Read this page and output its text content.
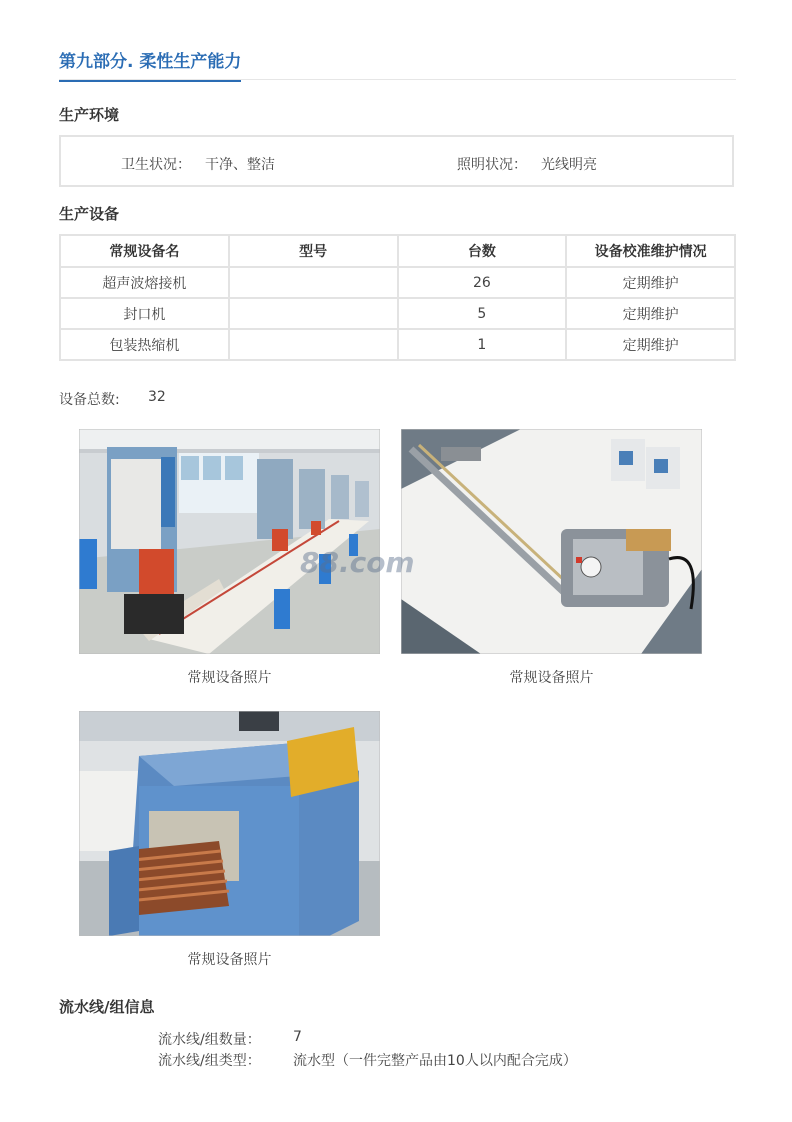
第九部分. 柔性生产能力
生产环境
卫生状况： 干净、整洁	照明状况： 光线明亮
生产设备
常规设备名	型号	台数	设备校准维护情况
超声波熔接机		26	定期维护
封口机		5	定期维护
包装热缩机		1	定期维护
设备总数: 32
常规设备照片	常规设备照片
88.com
常规设备照片
流水线/组信息
流水线/组数量： 7
流水线/组类型： 流水型（一件完整产品由10人以内配合完成）
